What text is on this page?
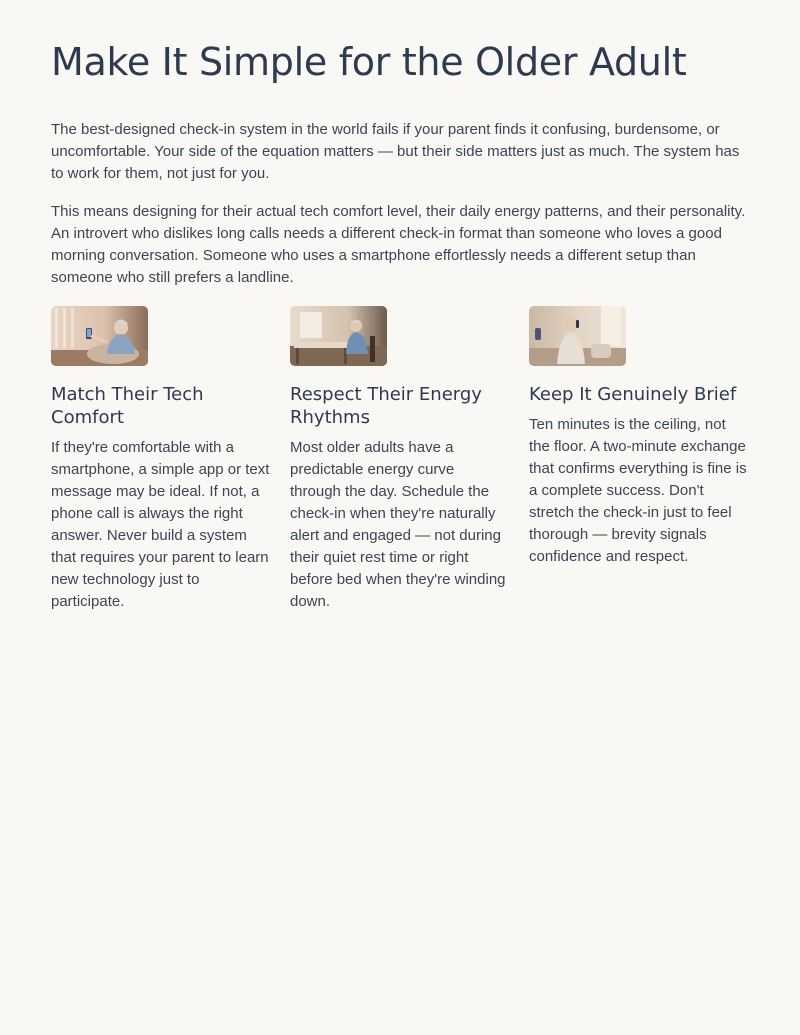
Make It Simple for the Older Adult

The best-designed check-in system in the world fails if your parent finds it confusing, burdensome, or uncomfortable. Your side of the equation matters — but their side matters just as much. The system has to work for them, not just for you.

This means designing for their actual tech comfort level, their daily energy patterns, and their personality. An introvert who dislikes long calls needs a different check-in format than someone who loves a good morning conversation. Someone who uses a smartphone effortlessly needs a different setup than someone who still prefers a landline.

Match Their Tech Comfort

If they're comfortable with a smartphone, a simple app or text message may be ideal. If not, a phone call is always the right answer. Never build a system that requires your parent to learn new technology just to participate.

Respect Their Energy Rhythms

Most older adults have a predictable energy curve through the day. Schedule the check-in when they're naturally alert and engaged — not during their quiet rest time or right before bed when they're winding down.

Keep It Genuinely Brief

Ten minutes is the ceiling, not the floor. A two-minute exchange that confirms everything is fine is a complete success. Don't stretch the check-in just to feel thorough — brevity signals confidence and respect.
